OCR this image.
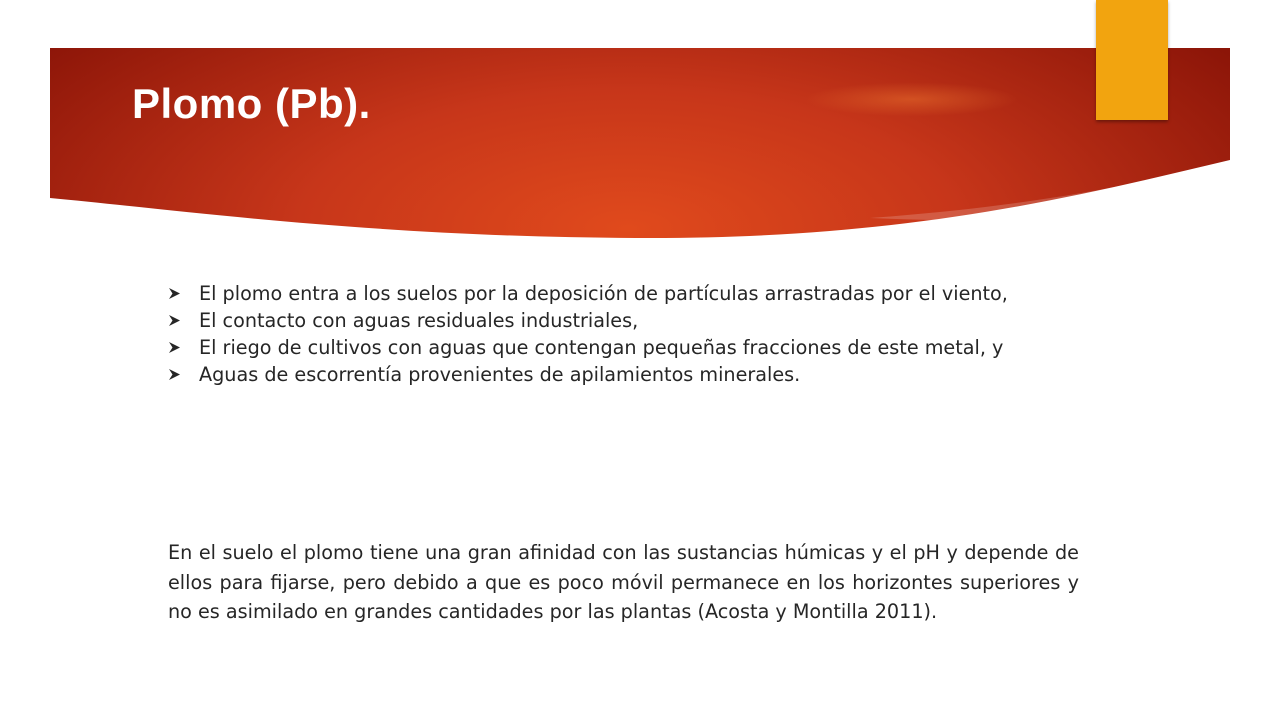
Plomo (Pb).
El plomo entra a los suelos por la deposición de partículas arrastradas por el viento,
El contacto con aguas residuales industriales,
El riego de cultivos con aguas que contengan pequeñas fracciones de este metal, y
Aguas de escorrentía provenientes de apilamientos minerales.

En el suelo el plomo tiene una gran afinidad con las sustancias húmicas y el pH y depende de ellos para fijarse, pero debido a que es poco móvil permanece en los horizontes superiores y no es asimilado en grandes cantidades por las plantas (Acosta y Montilla 2011).
